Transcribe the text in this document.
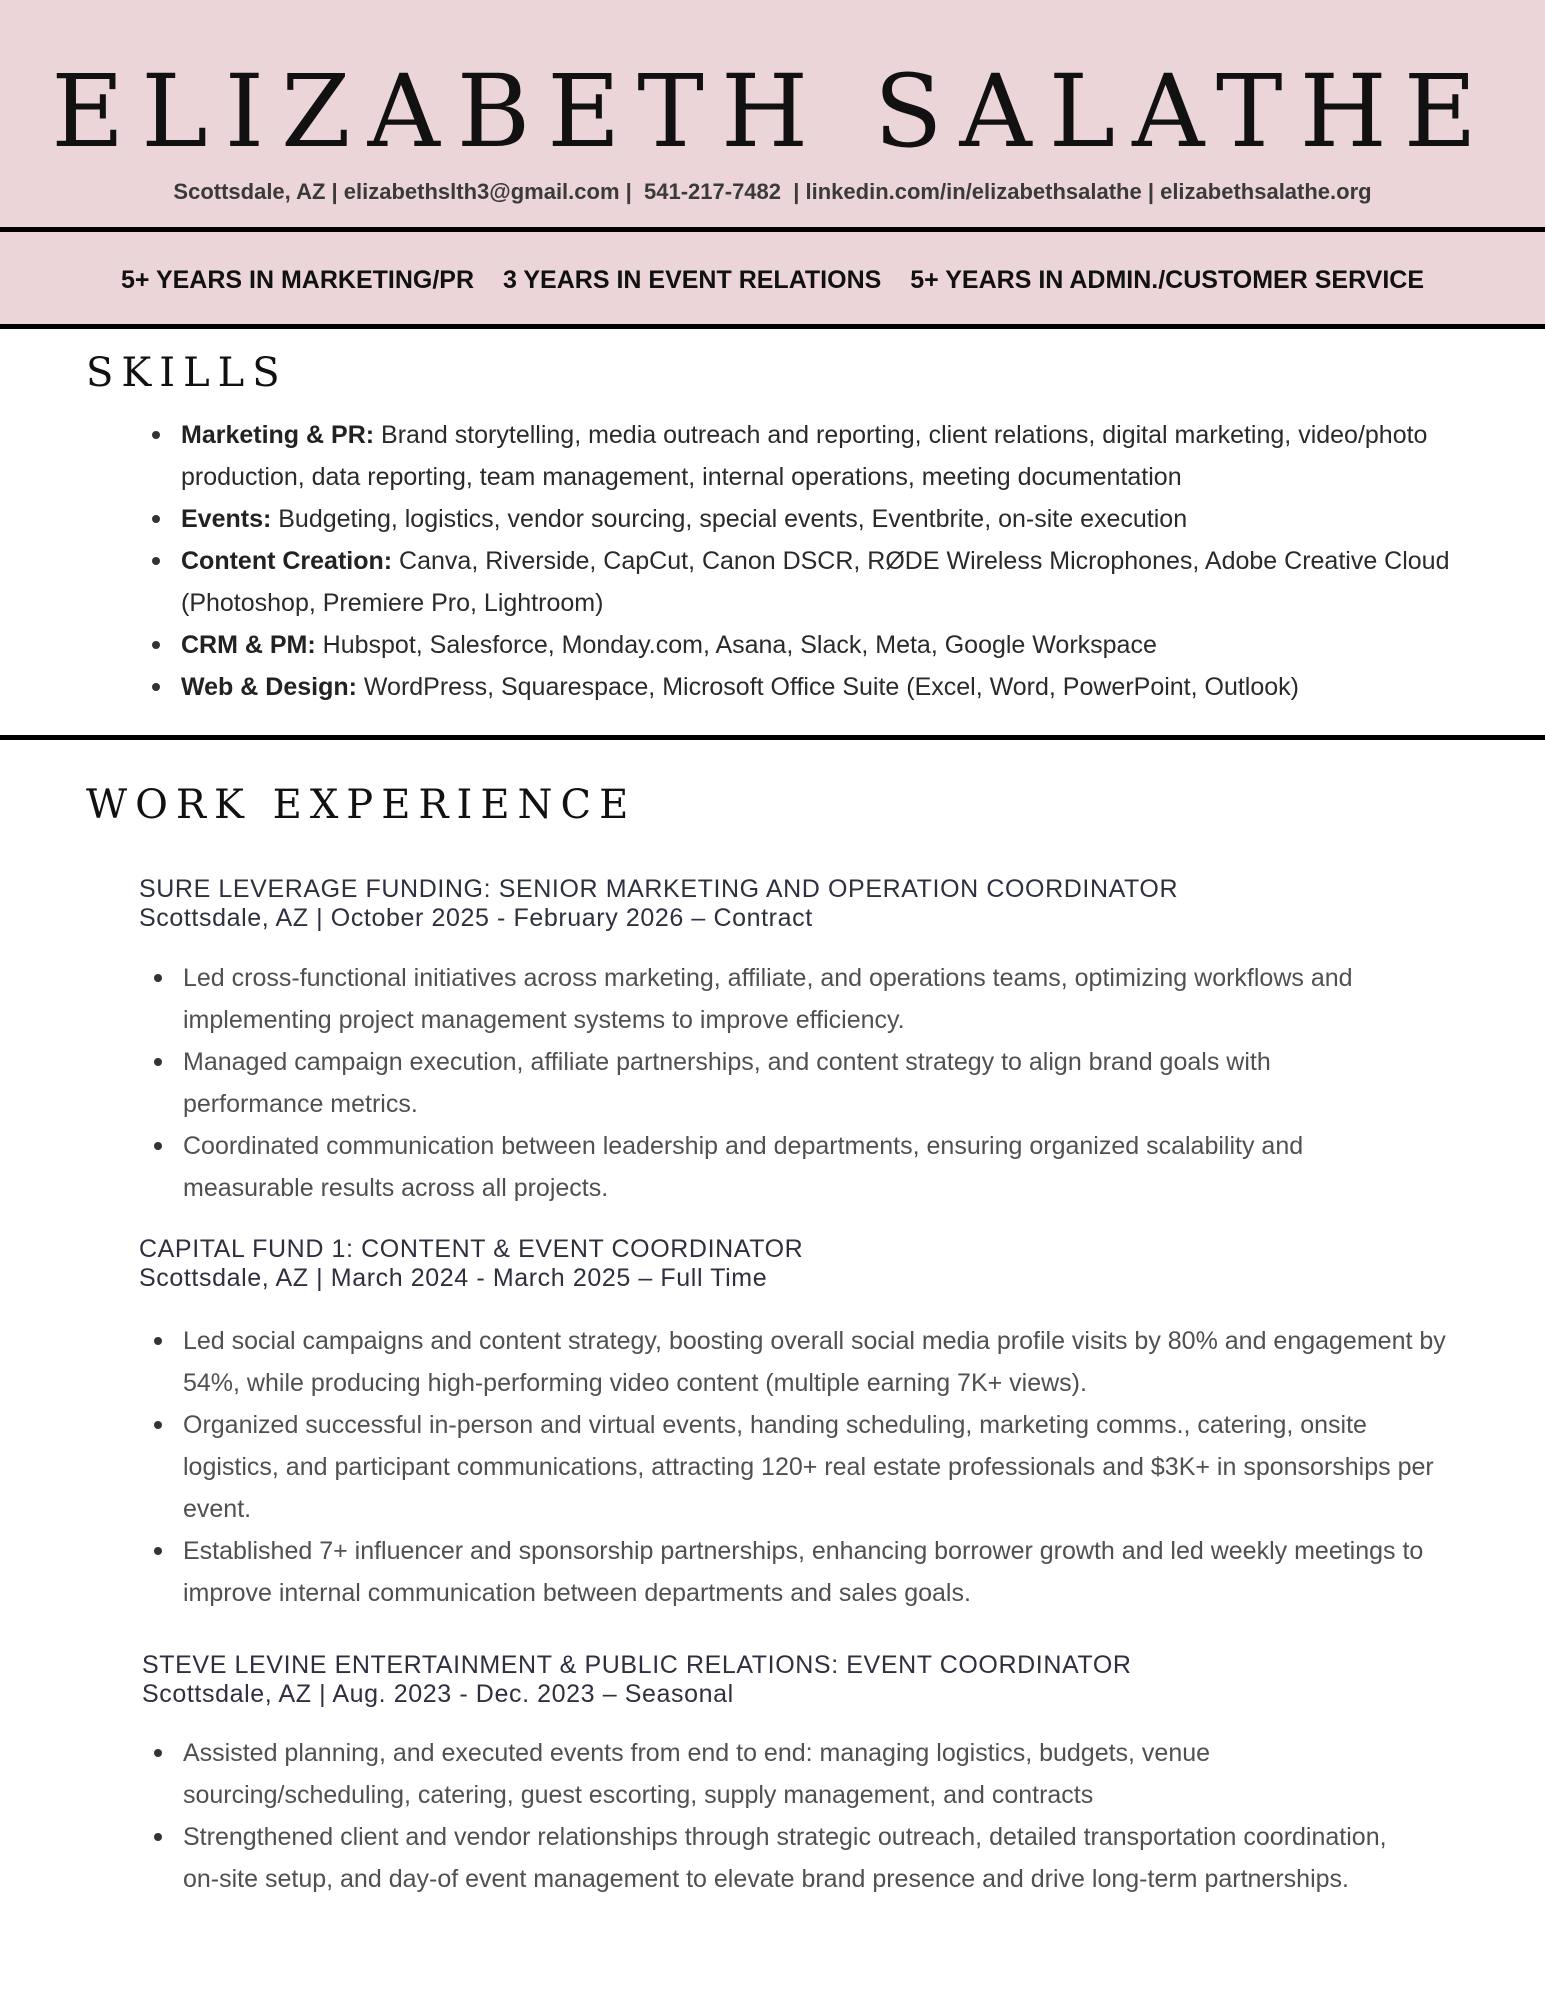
ELIZABETH SALATHE
Scottsdale, AZ | elizabethslth3@gmail.com |  541-217-7482  | linkedin.com/in/elizabethsalathe | elizabethsalathe.org
5+ YEARS IN MARKETING/PR 3 YEARS IN EVENT RELATIONS 5+ YEARS IN ADMIN./CUSTOMER SERVICE
SKILLS
Marketing & PR: Brand storytelling, media outreach and reporting, client relations, digital marketing, video/photo production, data reporting, team management, internal operations, meeting documentation
Events: Budgeting, logistics, vendor sourcing, special events, Eventbrite, on-site execution
Content Creation: Canva, Riverside, CapCut, Canon DSCR, RØDE Wireless Microphones, Adobe Creative Cloud (Photoshop, Premiere Pro, Lightroom)
CRM & PM: Hubspot, Salesforce, Monday.com, Asana, Slack, Meta, Google Workspace
Web & Design: WordPress, Squarespace, Microsoft Office Suite (Excel, Word, PowerPoint, Outlook)
WORK EXPERIENCE
SURE LEVERAGE FUNDING: SENIOR MARKETING AND OPERATION COORDINATOR
Scottsdale, AZ | October 2025 - February 2026 – Contract
Led cross-functional initiatives across marketing, affiliate, and operations teams, optimizing workflows and implementing project management systems to improve efficiency.
Managed campaign execution, affiliate partnerships, and content strategy to align brand goals with performance metrics.
Coordinated communication between leadership and departments, ensuring organized scalability and measurable results across all projects.
CAPITAL FUND 1: CONTENT & EVENT COORDINATOR
Scottsdale, AZ | March 2024 - March 2025 – Full Time
Led social campaigns and content strategy, boosting overall social media profile visits by 80% and engagement by 54%, while producing high-performing video content (multiple earning 7K+ views).
Organized successful in-person and virtual events, handing scheduling, marketing comms., catering, onsite logistics, and participant communications, attracting 120+ real estate professionals and $3K+ in sponsorships per event.
Established 7+ influencer and sponsorship partnerships, enhancing borrower growth and led weekly meetings to improve internal communication between departments and sales goals.
STEVE LEVINE ENTERTAINMENT & PUBLIC RELATIONS: EVENT COORDINATOR
Scottsdale, AZ | Aug. 2023 - Dec. 2023 – Seasonal
Assisted planning, and executed events from end to end: managing logistics, budgets, venue sourcing/scheduling, catering, guest escorting, supply management, and contracts
Strengthened client and vendor relationships through strategic outreach, detailed transportation coordination, on-site setup, and day-of event management to elevate brand presence and drive long-term partnerships.
